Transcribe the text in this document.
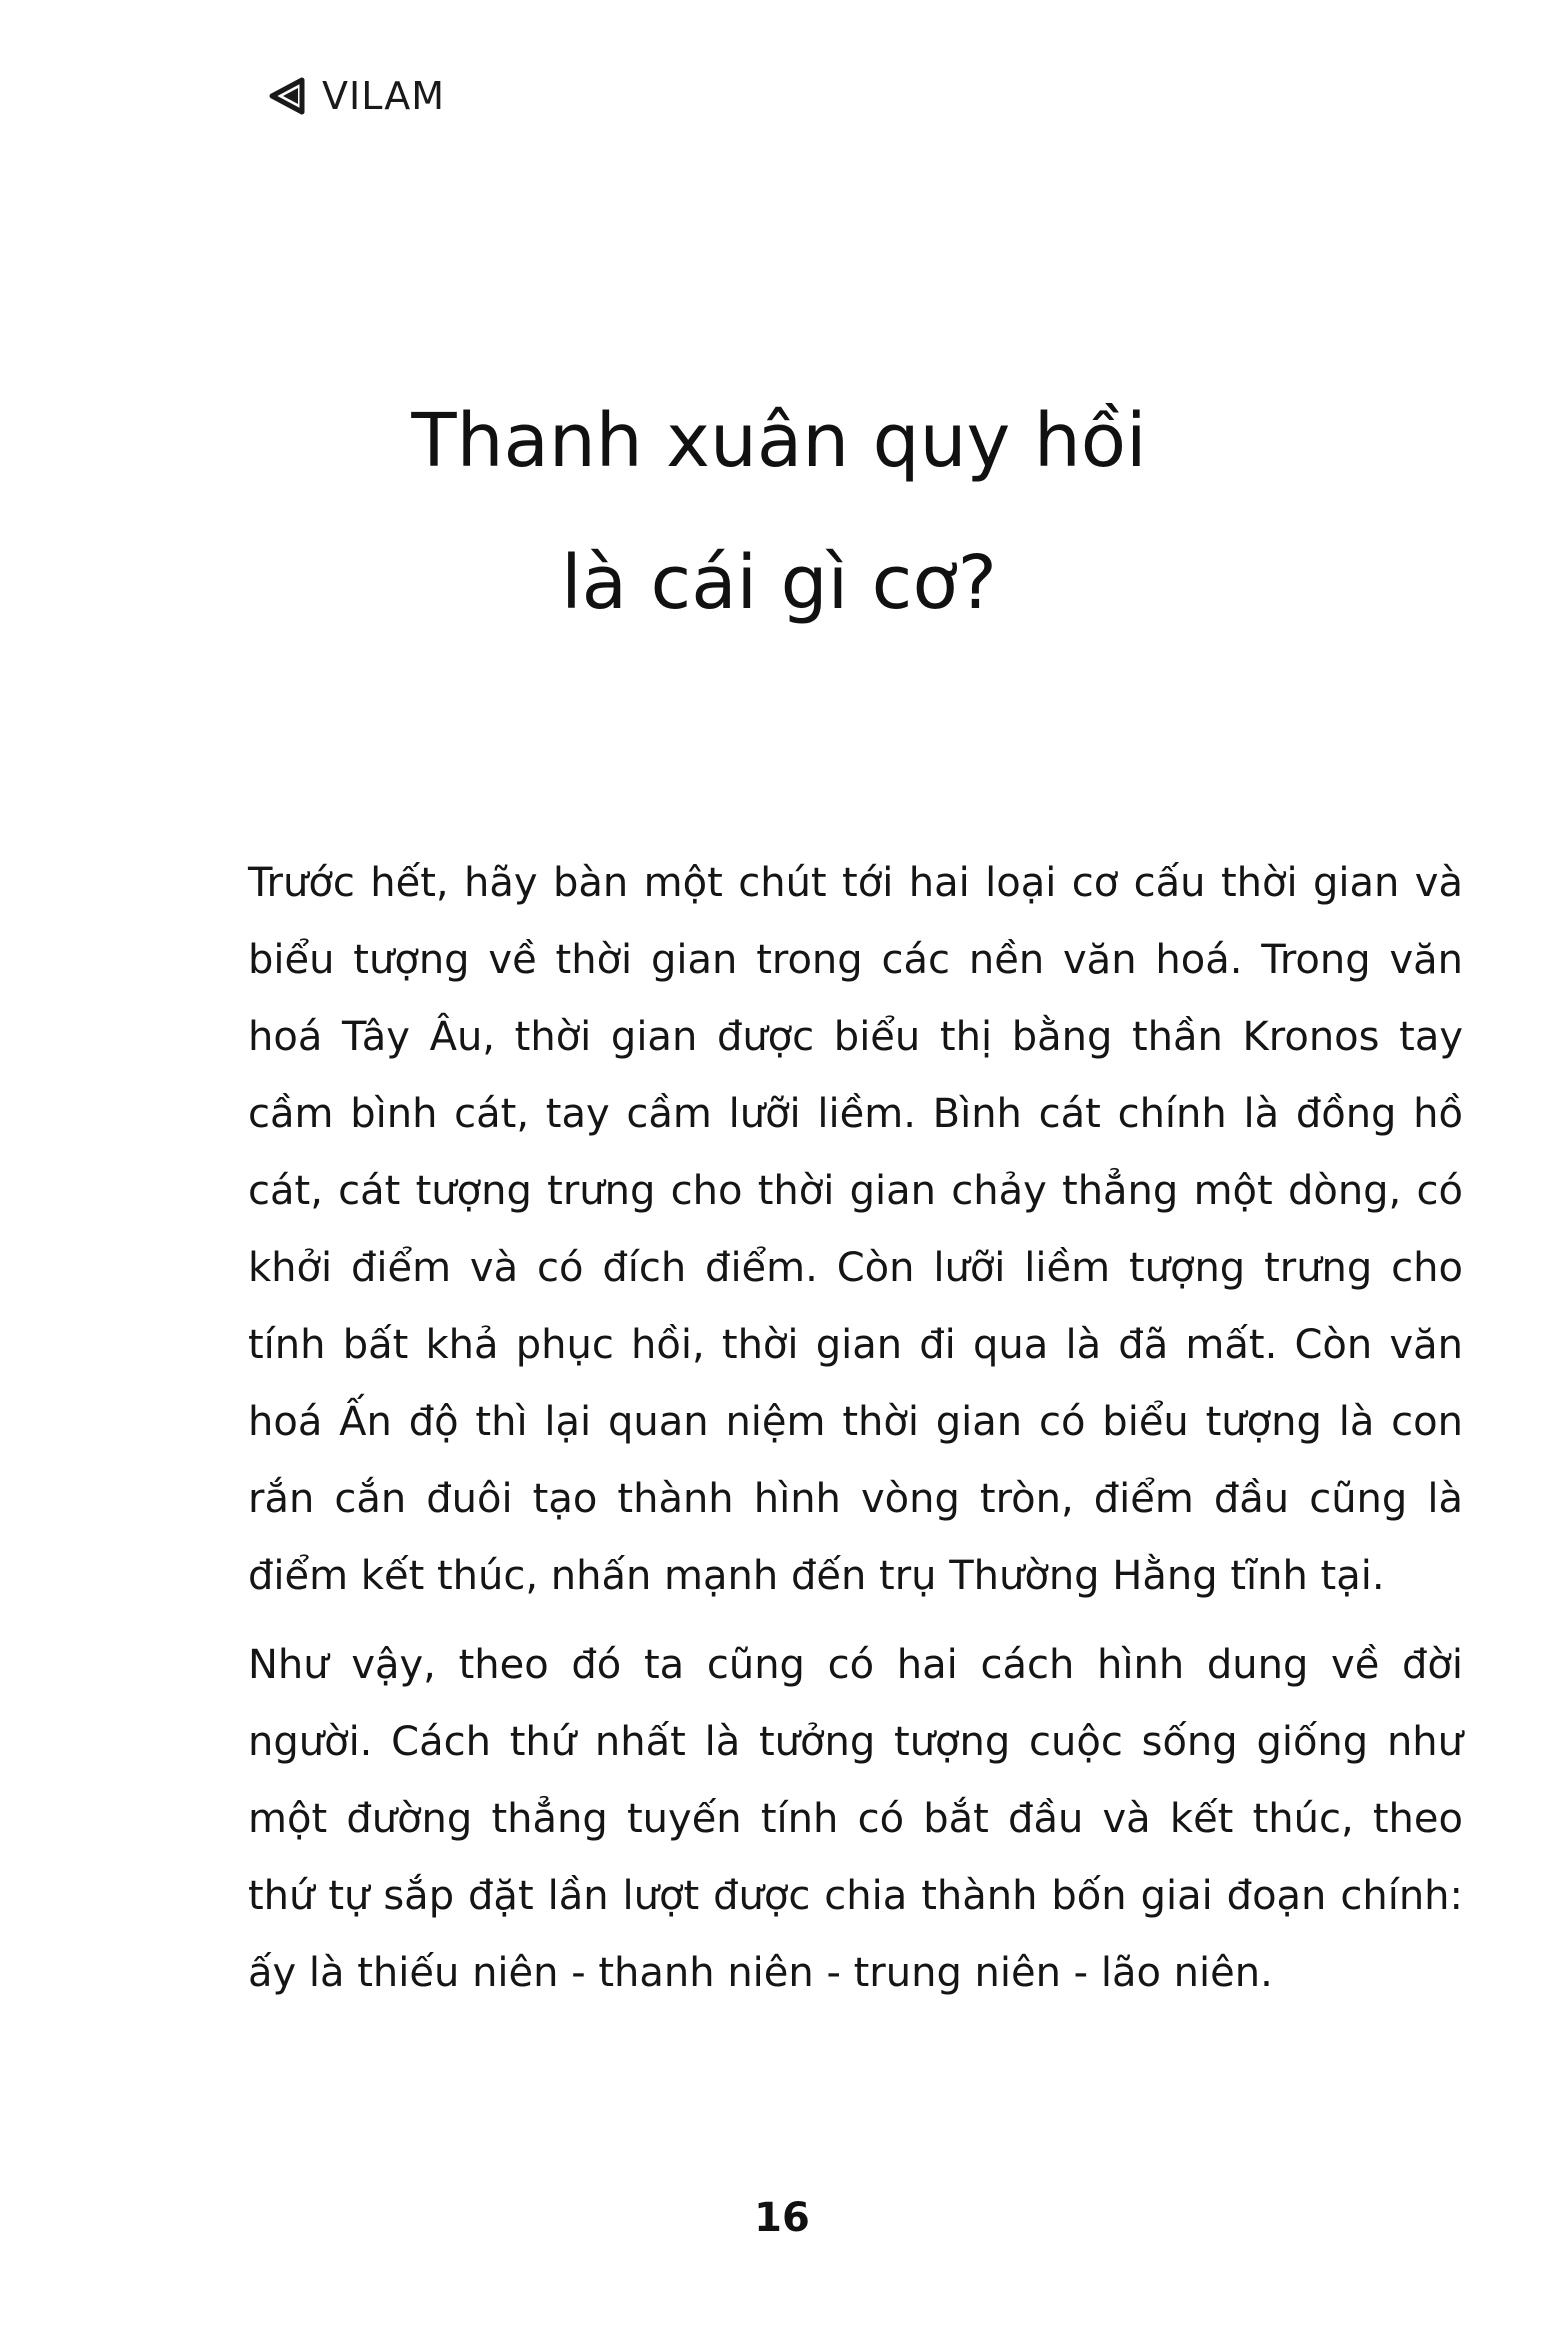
VILAM
Thanh xuân quy hồi
là cái gì cơ?

Trước hết, hãy bàn một chút tới hai loại cơ cấu thời gian và biểu tượng về thời gian trong các nền văn hoá. Trong văn hoá Tây Âu, thời gian được biểu thị bằng thần Kronos tay cầm bình cát, tay cầm lưỡi liềm. Bình cát chính là đồng hồ cát, cát tượng trưng cho thời gian chảy thẳng một dòng, có khởi điểm và có đích điểm. Còn lưỡi liềm tượng trưng cho tính bất khả phục hồi, thời gian đi qua là đã mất. Còn văn hoá Ấn độ thì lại quan niệm thời gian có biểu tượng là con rắn cắn đuôi tạo thành hình vòng tròn, điểm đầu cũng là điểm kết thúc, nhấn mạnh đến trụ Thường Hằng tĩnh tại.

Như vậy, theo đó ta cũng có hai cách hình dung về đời người. Cách thứ nhất là tưởng tượng cuộc sống giống như một đường thẳng tuyến tính có bắt đầu và kết thúc, theo thứ tự sắp đặt lần lượt được chia thành bốn giai đoạn chính: ấy là thiếu niên - thanh niên - trung niên - lão niên.

16
